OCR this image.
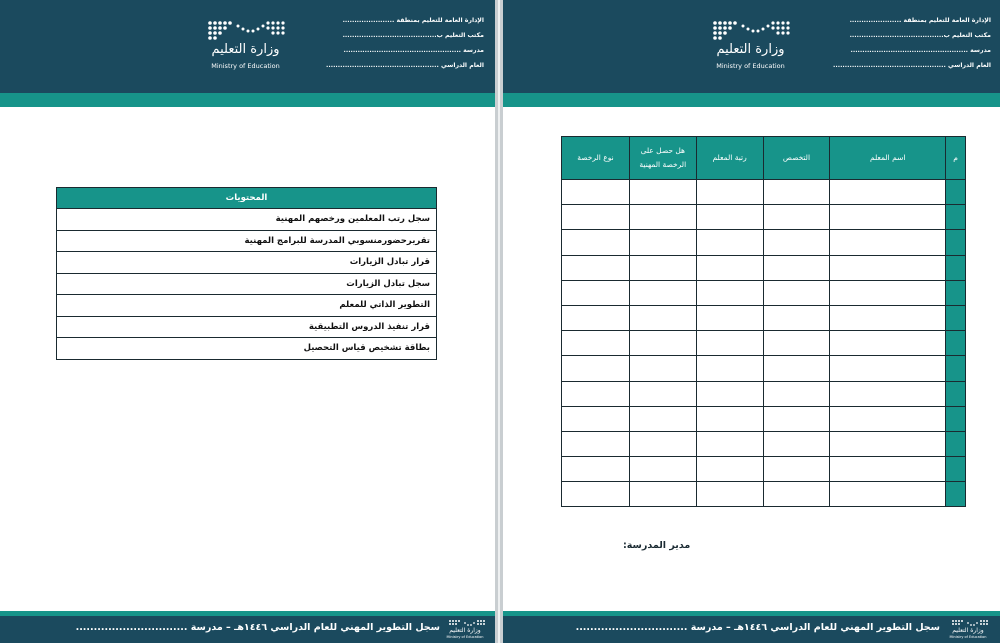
الإدارة العامة للتعليم بمنطقة ......................
مكتب التعليم ب........................................
مدرسة ..................................................
العام الدراسي ................................................
وزارة التعليم
Ministry of Education
المحتويات
سجل رتب المعلمين ورخصهم المهنية
تقريرحضورمنسوبي المدرسة للبرامج المهنية
قرار تبادل الزيارات
سجل تبادل الزيارات
التطوير الذاتي للمعلم
قرار تنفيذ الدروس التطبيقية
بطاقة تشخيص قياس التحصيل
سجل التطوير المهني للعام الدراسي ١٤٤٦هـ – مدرسة ...............................	وزارة التعليم
Ministry of Education
الإدارة العامة للتعليم بمنطقة ......................
مكتب التعليم ب........................................
مدرسة ..................................................
العام الدراسي ................................................
وزارة التعليم
Ministry of Education
م	اسم المعلم	التخصص	رتبة المعلم	هل حصل على الرخصة المهنية	نوع الرخصة

مدير المدرسة:
سجل التطوير المهني للعام الدراسي ١٤٤٦هـ – مدرسة ...............................	وزارة التعليم
Ministry of Education
